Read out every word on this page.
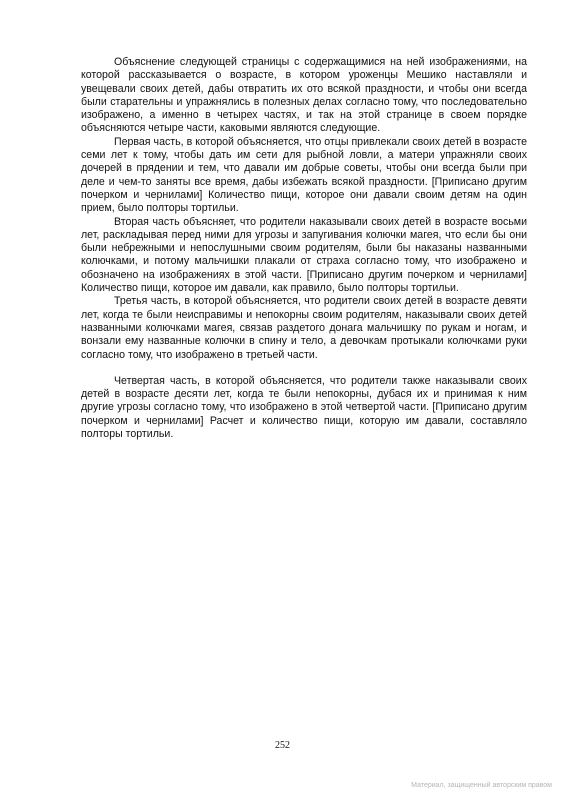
Объяснение следующей страницы с содержащимися на ней изображениями, на которой рассказывается о возрасте, в котором уроженцы Мешико наставляли и увещевали своих детей, дабы отвратить их ото всякой праздности, и чтобы они всегда были старательны и упражнялись в полезных делах согласно тому, что последовательно изображено, а именно в четырех частях, и так на этой странице в своем порядке объясняются четыре части, каковыми являются следующие.

Первая часть, в которой объясняется, что отцы привлекали своих детей в возрасте семи лет к тому, чтобы дать им сети для рыбной ловли, а матери упражняли своих дочерей в прядении и тем, что давали им добрые советы, чтобы они всегда были при деле и чем-то заняты все время, дабы избежать всякой праздности. [Приписано другим почерком и чернилами] Количество пищи, которое они давали своим детям на один прием, было полторы тортильи.

Вторая часть объясняет, что родители наказывали своих детей в возрасте восьми лет, раскладывая перед ними для угрозы и запугивания колючки магея, что если бы они были небрежными и непослушными своим родителям, были бы наказаны названными колючками, и потому мальчишки плакали от страха согласно тому, что изображено и обозначено на изображениях в этой части. [Приписано другим почерком и чернилами] Количество пищи, которое им давали, как правило, было полторы тортильи.

Третья часть, в которой объясняется, что родители своих детей в возрасте девяти лет, когда те были неисправимы и непокорны своим родителям, наказывали своих детей названными колючками магея, связав раздетого донага мальчишку по рукам и ногам, и вонзали ему названные колючки в спину и тело, а девочкам протыкали колючками руки согласно тому, что изображено в третьей части.

Четвертая часть, в которой объясняется, что родители также наказывали своих детей в возрасте десяти лет, когда те были непокорны, дубася их и принимая к ним другие угрозы согласно тому, что изображено в этой четвертой части. [Приписано другим почерком и чернилами] Расчет и количество пищи, которую им давали, составляло полторы тортильи.

252
Материал, защищенный авторским правом
